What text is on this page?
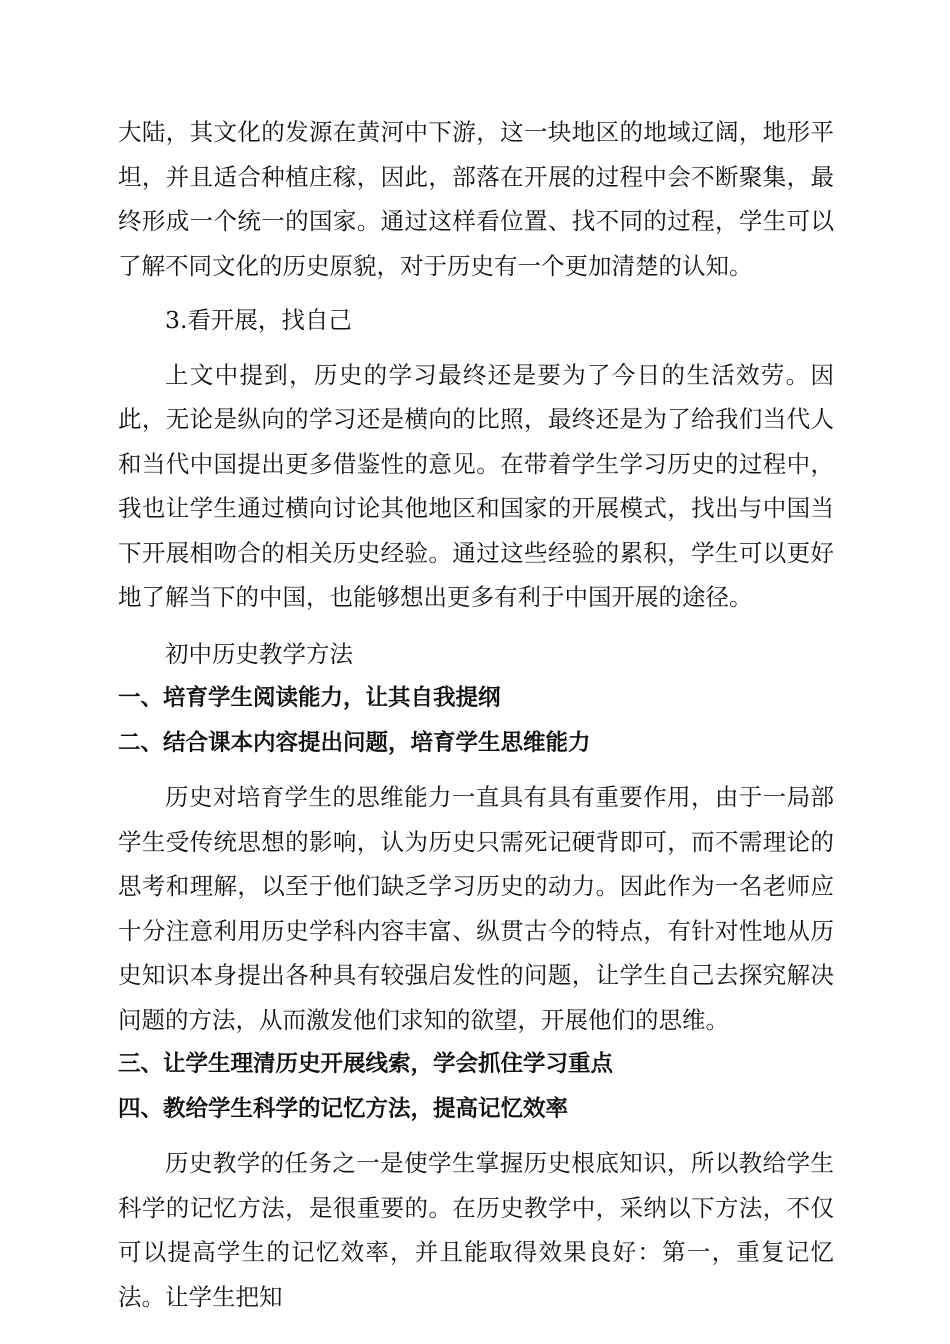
大陆，其文化的发源在黄河中下游，这一块地区的地域辽阔，地形平坦，并且适合种植庄稼，因此，部落在开展的过程中会不断聚集，最终形成一个统一的国家。通过这样看位置、找不同的过程，学生可以了解不同文化的历史原貌，对于历史有一个更加清楚的认知。

3.看开展，找自己

上文中提到，历史的学习最终还是要为了今日的生活效劳。因此，无论是纵向的学习还是横向的比照，最终还是为了给我们当代人和当代中国提出更多借鉴性的意见。在带着学生学习历史的过程中，我也让学生通过横向讨论其他地区和国家的开展模式，找出与中国当下开展相吻合的相关历史经验。通过这些经验的累积，学生可以更好地了解当下的中国，也能够想出更多有利于中国开展的途径。

初中历史教学方法

一、培育学生阅读能力，让其自我提纲

二、结合课本内容提出问题，培育学生思维能力

历史对培育学生的思维能力一直具有具有重要作用，由于一局部学生受传统思想的影响，认为历史只需死记硬背即可，而不需理论的思考和理解，以至于他们缺乏学习历史的动力。因此作为一名老师应十分注意利用历史学科内容丰富、纵贯古今的特点，有针对性地从历史知识本身提出各种具有较强启发性的问题，让学生自己去探究解决问题的方法，从而激发他们求知的欲望，开展他们的思维。

三、让学生理清历史开展线索，学会抓住学习重点

四、教给学生科学的记忆方法，提高记忆效率

历史教学的任务之一是使学生掌握历史根底知识，所以教给学生科学的记忆方法，是很重要的。在历史教学中，采纳以下方法，不仅可以提高学生的记忆效率，并且能取得效果良好：第一，重复记忆法。让学生把知
